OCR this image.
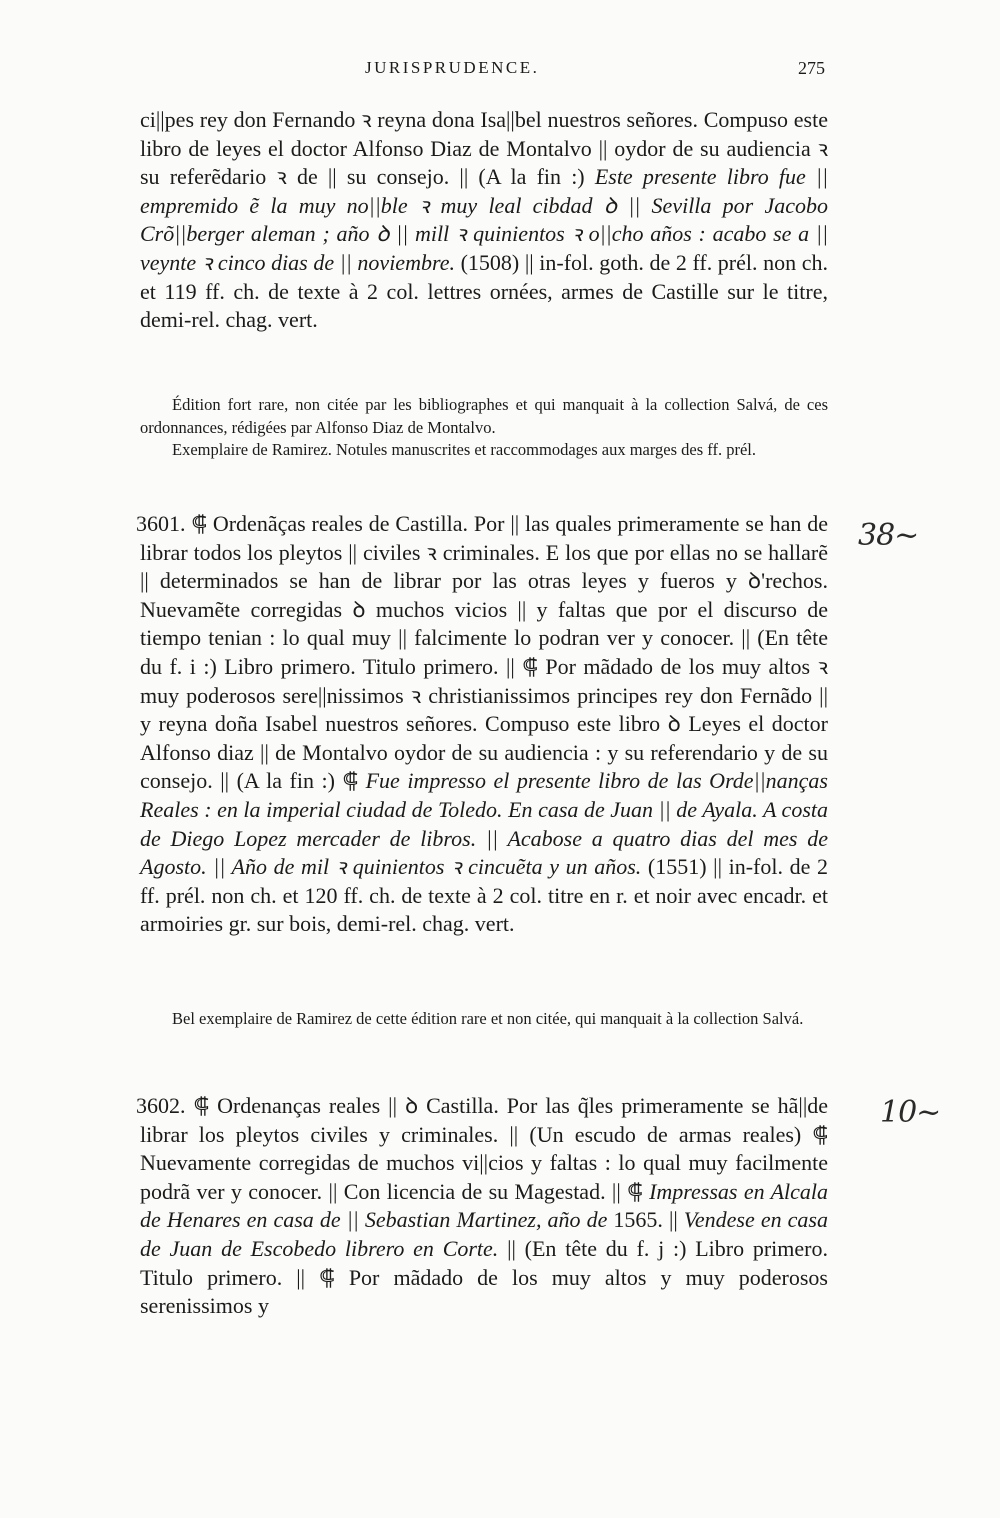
JURISPRUDENCE.	275
ci||pes rey don Fernando ꝛ reyna dona Isa||bel nuestros señores. Compuso este libro de leyes el doctor Alfonso Diaz de Montalvo || oydor de su audiencia ꝛ su referẽdario ꝛ de || su consejo. || (A la fin :) Este presente libro fue || empremido ẽ la muy no||ble ꝛ muy leal cibdad ꝺ || Sevilla por Jacobo Crõ||berger aleman ; año ꝺ || mill ꝛ quinientos ꝛ o||cho años : acabo se a || veynte ꝛ cinco dias de || noviembre. (1508) || in-fol. goth. de 2 ff. prél. non ch. et 119 ff. ch. de texte à 2 col. lettres ornées, armes de Castille sur le titre, demi-rel. chag. vert.

Édition fort rare, non citée par les bibliographes et qui manquait à la collection Salvá, de ces ordonnances, rédigées par Alfonso Diaz de Montalvo.

Exemplaire de Ramirez. Notules manuscrites et raccommodages aux marges des ff. prél.

3601. ⸿ Ordenãças reales de Castilla. Por || las quales primeramente se han de librar todos los pleytos || civiles ꝛ criminales. E los que por ellas no se hallarẽ || determinados se han de librar por las otras leyes y fueros y ꝺ'rechos. Nuevamẽte corregidas ꝺ muchos vicios || y faltas que por el discurso de tiempo tenian : lo qual muy || falcimente lo podran ver y conocer. || (En tête du f. i :) Libro primero. Titulo primero. || ⸿ Por mãdado de los muy altos ꝛ muy poderosos sere||nissimos ꝛ christianissimos principes rey don Fernãdo || y reyna doña Isabel nuestros señores. Compuso este libro ꝺ Leyes el doctor Alfonso diaz || de Montalvo oydor de su audiencia : y su referendario y de su consejo. || (A la fin :) ⸿ Fue impresso el presente libro de las Orde||nanças Reales : en la imperial ciudad de Toledo. En casa de Juan || de Ayala. A costa de Diego Lopez mercader de libros. || Acabose a quatro dias del mes de Agosto. || Año de mil ꝛ quinientos ꝛ cincuẽta y un años. (1551) || in-fol. de 2 ff. prél. non ch. et 120 ff. ch. de texte à 2 col. titre en r. et noir avec encadr. et armoiries gr. sur bois, demi-rel. chag. vert.

Bel exemplaire de Ramirez de cette édition rare et non citée, qui manquait à la collection Salvá.

38~
3602. ⸿ Ordenanças reales || ꝺ Castilla. Por las q̃les primeramente se hã||de librar los pleytos civiles y criminales. || (Un escudo de armas reales) ⸿ Nuevamente corregidas de muchos vi||cios y faltas : lo qual muy facilmente podrã ver y conocer. || Con licencia de su Magestad. || ⸿ Impressas en Alcala de Henares en casa de || Sebastian Martinez, año de 1565. || Vendese en casa de Juan de Escobedo librero en Corte. || (En tête du f. j :) Libro primero. Titulo primero. || ⸿ Por mãdado de los muy altos y muy poderosos serenissimos y
10~
